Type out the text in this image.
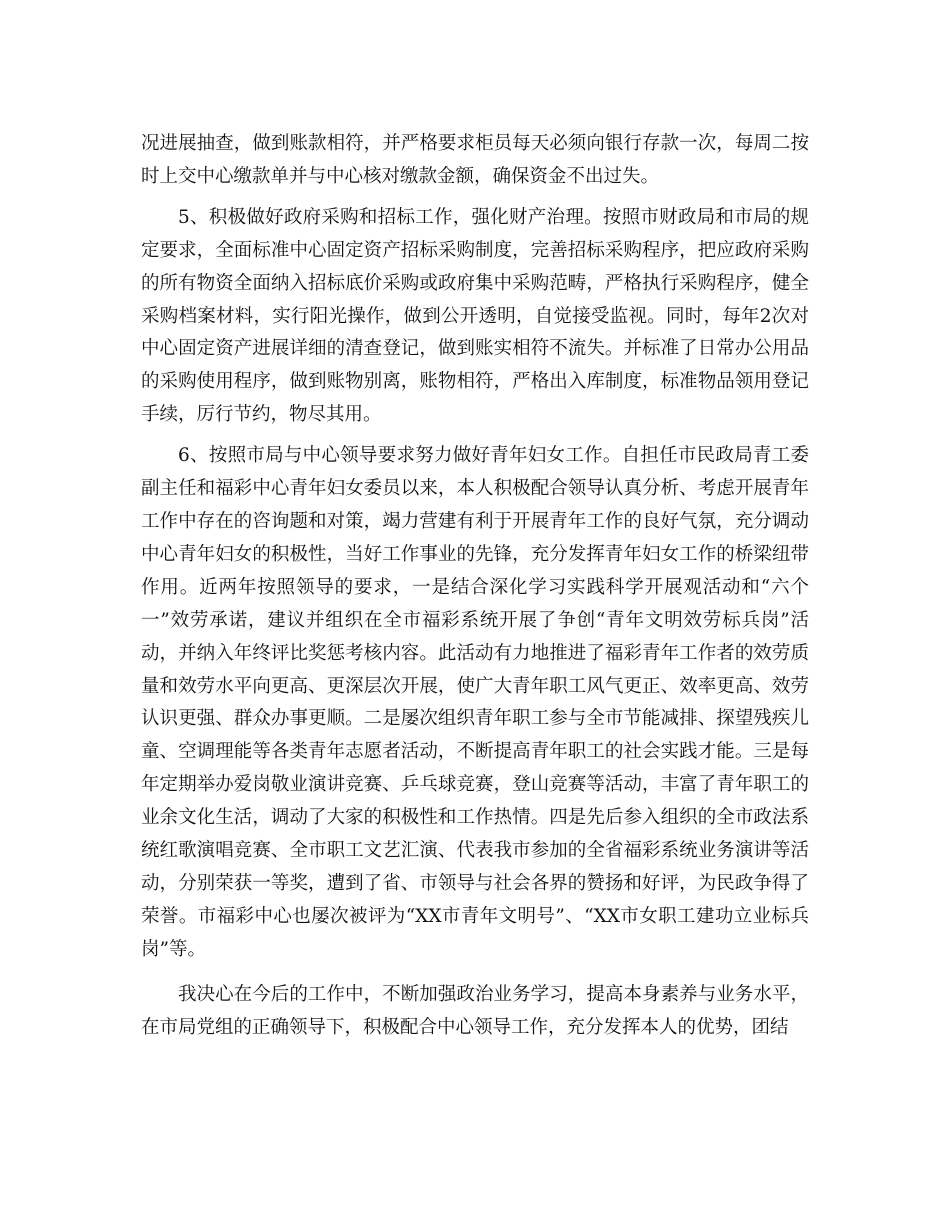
况进展抽查，做到账款相符，并严格要求柜员每天必须向银行存款一次，每周二按时上交中心缴款单并与中心核对缴款金额，确保资金不出过失。

5、积极做好政府采购和招标工作，强化财产治理。按照市财政局和市局的规定要求，全面标准中心固定资产招标采购制度，完善招标采购程序，把应政府采购的所有物资全面纳入招标底价采购或政府集中采购范畴，严格执行采购程序，健全采购档案材料，实行阳光操作，做到公开透明，自觉接受监视。同时，每年2次对中心固定资产进展详细的清查登记，做到账实相符不流失。并标准了日常办公用品的采购使用程序，做到账物别离，账物相符，严格出入库制度，标准物品领用登记手续，厉行节约，物尽其用。

6、按照市局与中心领导要求努力做好青年妇女工作。自担任市民政局青工委副主任和福彩中心青年妇女委员以来，本人积极配合领导认真分析、考虑开展青年工作中存在的咨询题和对策，竭力营建有利于开展青年工作的良好气氛，充分调动中心青年妇女的积极性，当好工作事业的先锋，充分发挥青年妇女工作的桥梁纽带作用。近两年按照领导的要求，一是结合深化学习实践科学开展观活动和“六个一”效劳承诺，建议并组织在全市福彩系统开展了争创“青年文明效劳标兵岗”活动，并纳入年终评比奖惩考核内容。此活动有力地推进了福彩青年工作者的效劳质量和效劳水平向更高、更深层次开展，使广大青年职工风气更正、效率更高、效劳认识更强、群众办事更顺。二是屡次组织青年职工参与全市节能减排、探望残疾儿童、空调理能等各类青年志愿者活动，不断提高青年职工的社会实践才能。三是每年定期举办爱岗敬业演讲竞赛、乒乓球竞赛，登山竞赛等活动，丰富了青年职工的业余文化生活，调动了大家的积极性和工作热情。四是先后参入组织的全市政法系统红歌演唱竞赛、全市职工文艺汇演、代表我市参加的全省福彩系统业务演讲等活动，分别荣获一等奖，遭到了省、市领导与社会各界的赞扬和好评，为民政争得了荣誉。市福彩中心也屡次被评为“XX市青年文明号”、“XX市女职工建功立业标兵岗”等。

我决心在今后的工作中，不断加强政治业务学习，提高本身素养与业务水平，在市局党组的正确领导下，积极配合中心领导工作，充分发挥本人的优势，团结
